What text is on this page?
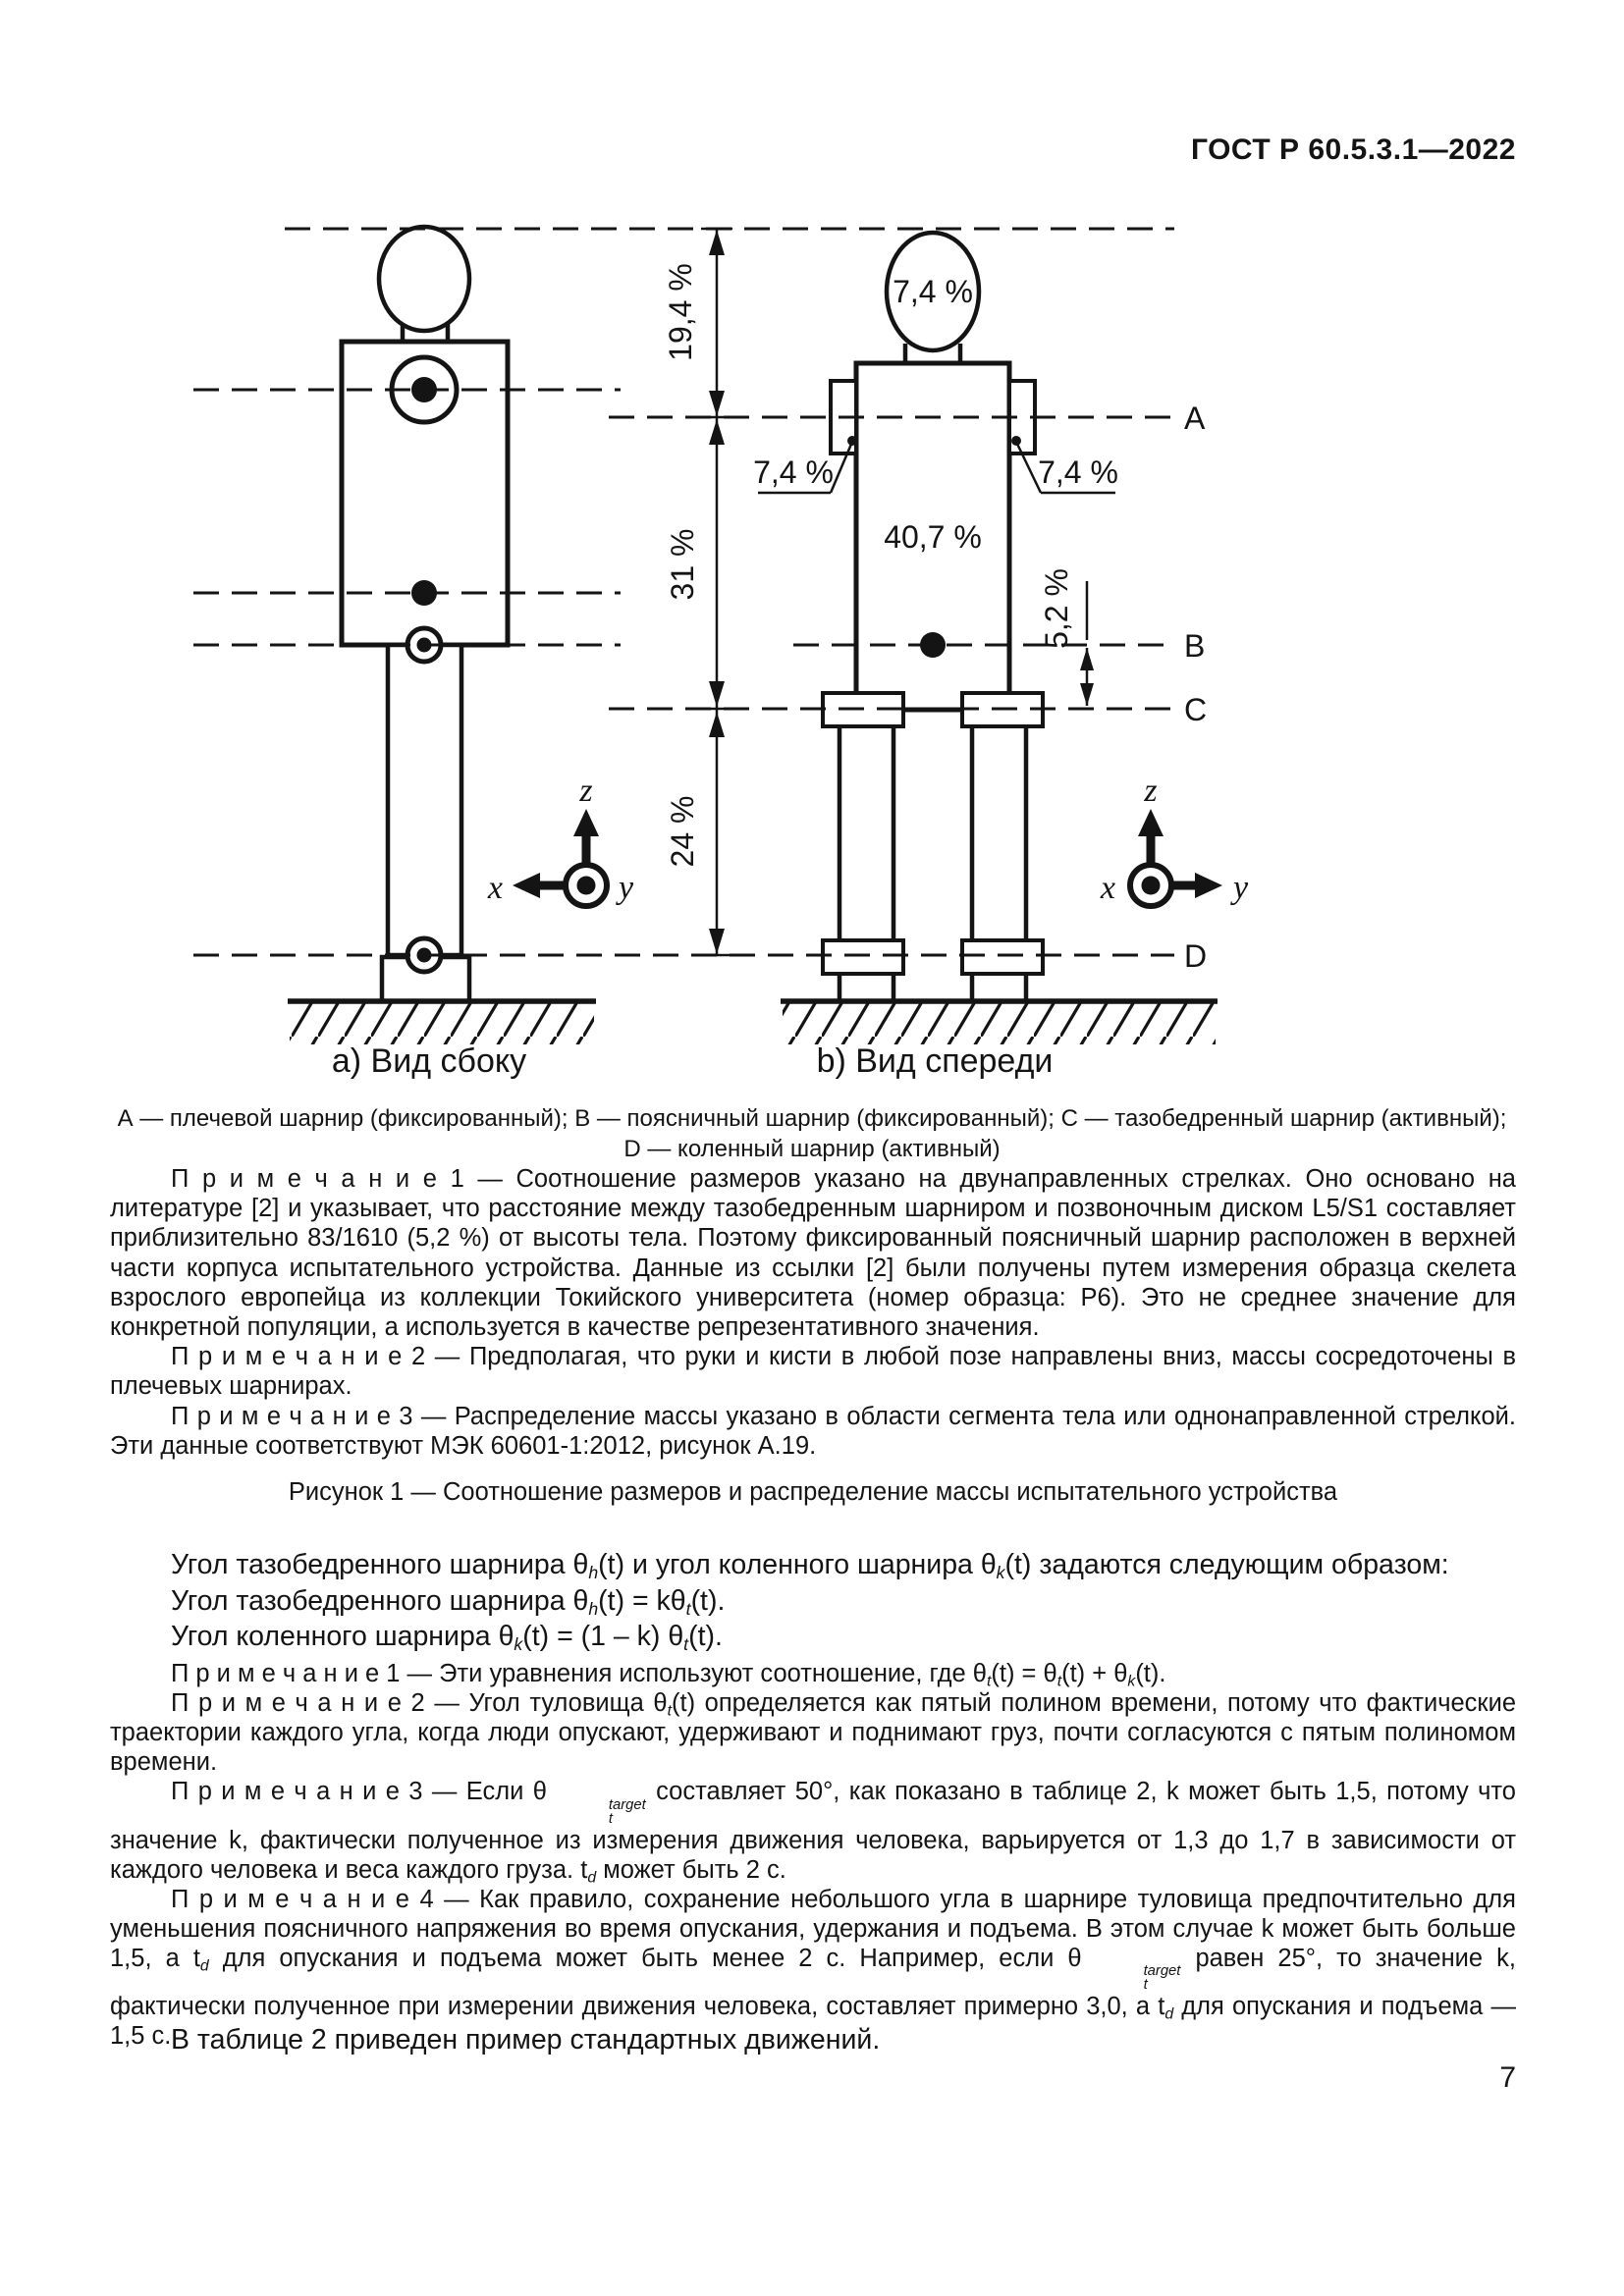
ГОСТ Р 60.5.3.1—2022
19,4 %
31 %
24 %
5,2 %
7,4 %
40,7 %
7,4 %	7,4 %
A
B
C
D
z
x	y
z
x	y
a) Вид сбоку	b) Вид спереди
А — плечевой шарнир (фиксированный); В — поясничный шарнир (фиксированный); С — тазобедренный шарнир (активный);
D — коленный шарнир (активный)

П р и м е ч а н и е 1 — Соотношение размеров указано на двунаправленных стрелках. Оно основано на литературе [2] и указывает, что расстояние между тазобедренным шарниром и позвоночным диском L5/S1 составляет приблизительно 83/1610 (5,2 %) от высоты тела. Поэтому фиксированный поясничный шарнир расположен в верхней части корпуса испытательного устройства. Данные из ссылки [2] были получены путем измерения образца скелета взрослого европейца из коллекции Токийского университета (номер образца: Р6). Это не среднее значение для конкретной популяции, а используется в качестве репрезентативного значения.

П р и м е ч а н и е 2 — Предполагая, что руки и кисти в любой позе направлены вниз, массы сосредоточены в плечевых шарнирах.

П р и м е ч а н и е 3 — Распределение массы указано в области сегмента тела или однонаправленной стрелкой. Эти данные соответствуют МЭК 60601-1:2012, рисунок А.19.

Рисунок 1 — Соотношение размеров и распределение массы испытательного устройства
Угол тазобедренного шарнира $\theta_h(t)$ и угол коленного шарнира $\theta_k(t)$ задаются следующим образом:
Угол тазобедренного шарнира $\theta_h(t) = k\theta_t(t)$.
Угол коленного шарнира $\theta_k(t) = (1 - k)$ $\theta_t(t)$.

П р и м е ч а н и е 1 — Эти уравнения используют соотношение, где $\theta_t(t) = \theta_t(t) + \theta_k(t)$.

П р и м е ч а н и е 2 — Угол туловища $\theta_t(t)$ определяется как пятый полином времени, потому что фактические траектории каждого угла, когда люди опускают, удерживают и поднимают груз, почти согласуются с пятым полиномом времени.

П р и м е ч а н и е 3 — Если θ	target
t
составляет 50°, как показано в таблице 2, k может быть 1,5, потому что значение k, фактически полученное из измерения движения человека, варьируется от 1,3 до 1,7 в зависимости от каждого человека и веса каждого груза. $t_d$ может быть 2 с.

П р и м е ч а н и е 4 — Как правило, сохранение небольшого угла в шарнире туловища предпочтительно для уменьшения поясничного напряжения во время опускания, удержания и подъема. В этом случае k может быть больше 1,5, а $t_d$ для опускания и подъема может быть менее 2 с. Например, если θ	target
t
равен 25°, то значение k, фактически полученное при измерении движения человека, составляет примерно 3,0, а $t_d$ для опускания и подъема — 1,5 с. В таблице 2 приведен пример стандартных движений.

7
